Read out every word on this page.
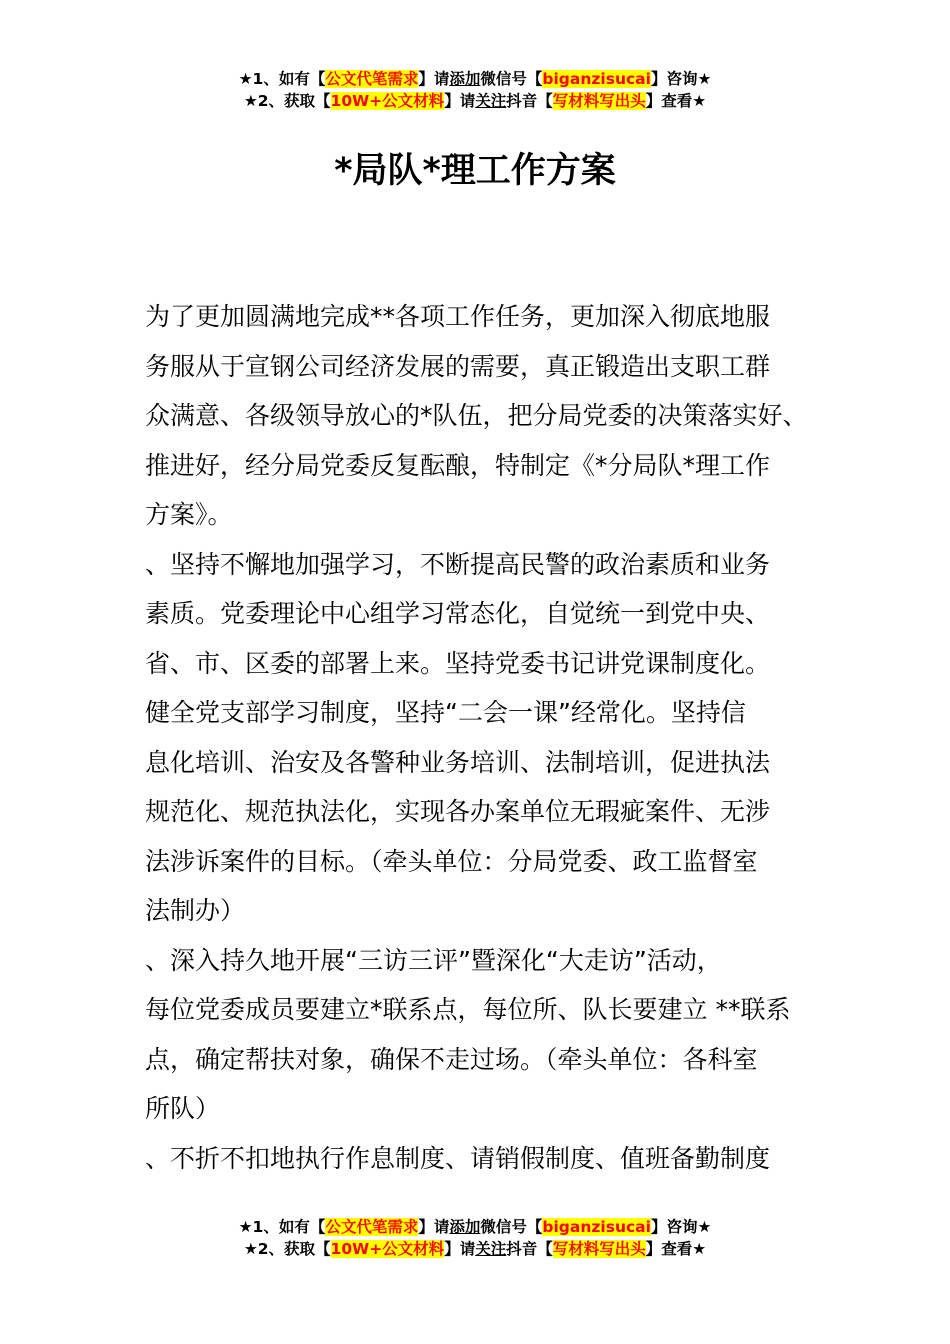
★1、如有【公文代笔需求】请添加微信号【biganzisucai】咨询★
★2、获取【10W+公文材料】请关注抖音【写材料写出头】查看★
*局队*理工作方案
为了更加圆满地完成**各项工作任务，更加深入彻底地服
务服从于宣钢公司经济发展的需要，真正锻造出支职工群
众满意、各级领导放心的*队伍，把分局党委的决策落实好、
推进好，经分局党委反复酝酿，特制定《*分局队*理工作
方案》。
、坚持不懈地加强学习，不断提高民警的政治素质和业务
素质。党委理论中心组学习常态化，自觉统一到党中央、
省、市、区委的部署上来。坚持党委书记讲党课制度化。
健全党支部学习制度，坚持“二会一课”经常化。坚持信
息化培训、治安及各警种业务培训、法制培训，促进执法
规范化、规范执法化，实现各办案单位无瑕疵案件、无涉
法涉诉案件的目标。（牵头单位：分局党委、政工监督室
法制办）
、深入持久地开展“三访三评”暨深化“大走访”活动，
每位党委成员要建立*联系点，每位所、队长要建立 **联系
点，确定帮扶对象，确保不走过场。（牵头单位：各科室
所队）
、不折不扣地执行作息制度、请销假制度、值班备勤制度
★1、如有【公文代笔需求】请添加微信号【biganzisucai】咨询★
★2、获取【10W+公文材料】请关注抖音【写材料写出头】查看★
